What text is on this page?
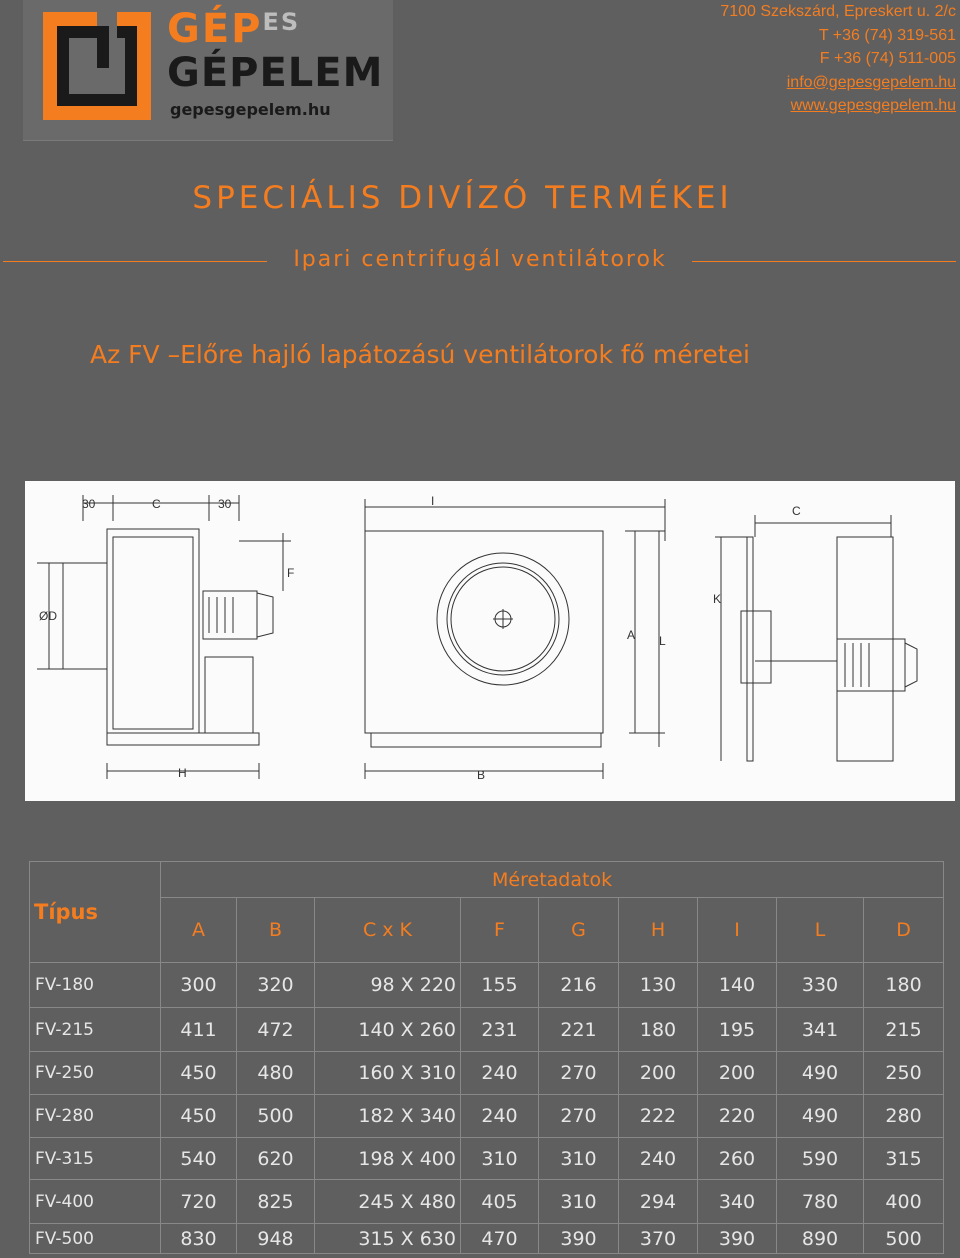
$GÉP^{ES}$
GÉPELEM
gepesgepelem.hu
7100 Szekszárd, Epreskert u. 2/c
T +36 (74) 319-561
F +36 (74) 511-005
info@gepesgepelem.hu
www.gepesgepelem.hu
SPECIÁLIS DIVÍZÓ TERMÉKEI
Ipari centrifugál ventilátorok
Az FV –Előre hajló lapátozású ventilátorok fő méretei
30	C	30
ØD
F
H
I
A L
B
C
K
Típus	Méretadatok								
	A	B	C x K	F	G	H	I	L	D
FV-180	300	320	98 X 220	155	216	130	140	330	180
FV-215	411	472	140 X 260	231	221	180	195	341	215
FV-250	450	480	160 X 310	240	270	200	200	490	250
FV-280	450	500	182 X 340	240	270	222	220	490	280
FV-315	540	620	198 X 400	310	310	240	260	590	315
FV-400	720	825	245 X 480	405	310	294	340	780	400
FV-500	830	948	315 X 630	470	390	370	390	890	500
